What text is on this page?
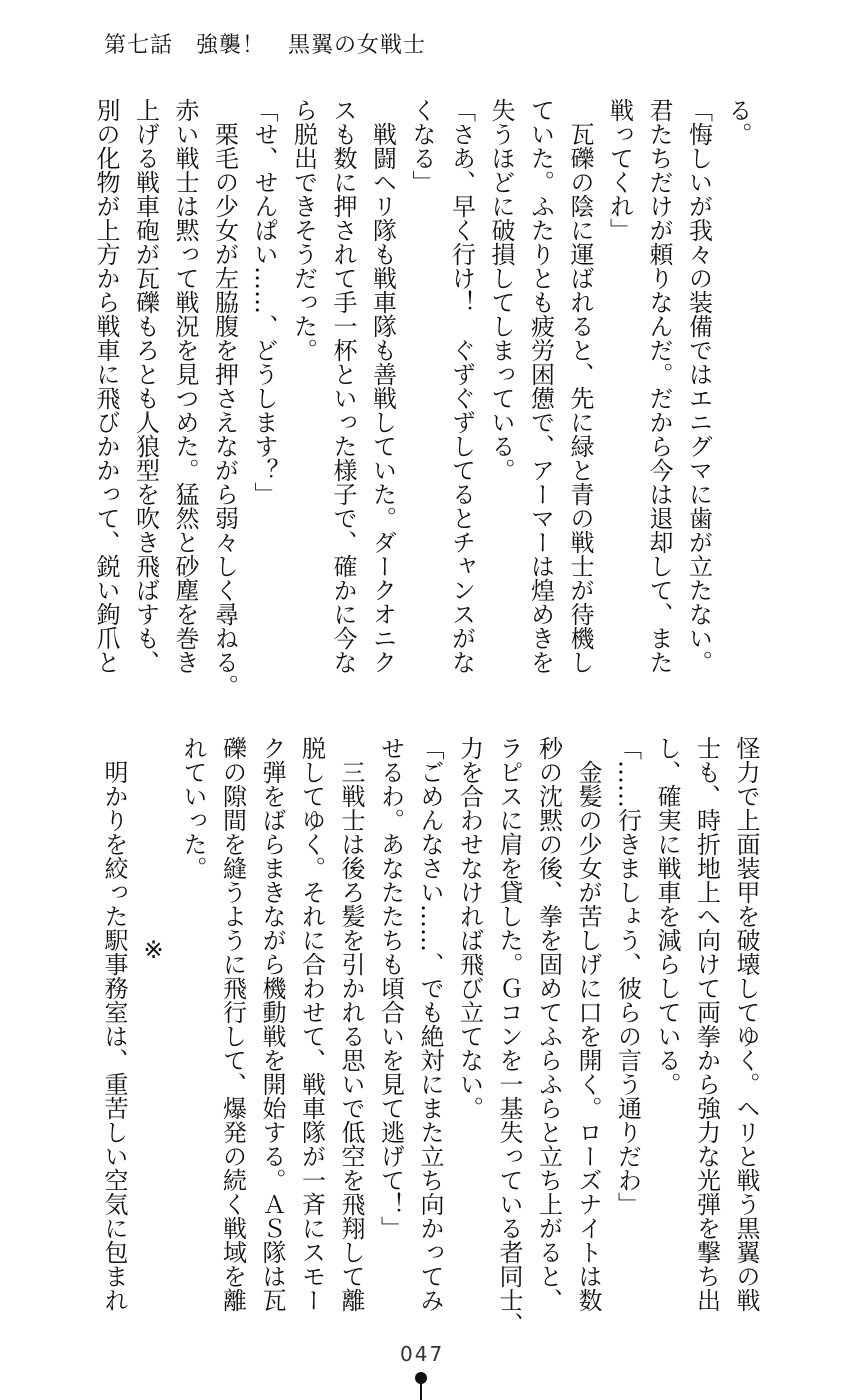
第七話　強襲！　黒翼の女戦士
る。
「悔しいが我々の装備ではエニグマに歯が立たない。
君たちだけが頼りなんだ。だから今は退却して、また
戦ってくれ」
　瓦礫の陰に運ばれると、先に緑と青の戦士が待機し
ていた。ふたりとも疲労困憊で、アーマーは煌めきを
失うほどに破損してしまっている。
「さあ、早く行け！　ぐずぐずしてるとチャンスがな
くなる」
　戦闘ヘリ隊も戦車隊も善戦していた。ダークオニク
スも数に押されて手一杯といった様子で、確かに今な
ら脱出できそうだった。
「せ、せんぱい……、どうします？」
　栗毛の少女が左脇腹を押さえながら弱々しく尋ねる。
赤い戦士は黙って戦況を見つめた。猛然と砂塵を巻き
上げる戦車砲が瓦礫もろとも人狼型を吹き飛ばすも、
別の化物が上方から戦車に飛びかかって、鋭い鉤爪と
怪力で上面装甲を破壊してゆく。ヘリと戦う黒翼の戦
士も、時折地上へ向けて両拳から強力な光弾を撃ち出
し、確実に戦車を減らしている。
「……行きましょう、彼らの言う通りだわ」
　金髪の少女が苦しげに口を開く。ローズナイトは数
秒の沈黙の後、拳を固めてふらふらと立ち上がると、
ラピスに肩を貸した。Ｇコンを一基失っている者同士、
力を合わせなければ飛び立てない。
「ごめんなさい……、でも絶対にまた立ち向かってみ
せるわ。あなたたちも頃合いを見て逃げて！」
　三戦士は後ろ髪を引かれる思いで低空を飛翔して離
脱してゆく。それに合わせて、戦車隊が一斉にスモー
ク弾をばらまきながら機動戦を開始する。ＡＳ隊は瓦
礫の隙間を縫うように飛行して、爆発の続く戦域を離
れていった。
※
　明かりを絞った駅事務室は、重苦しい空気に包まれ
047
